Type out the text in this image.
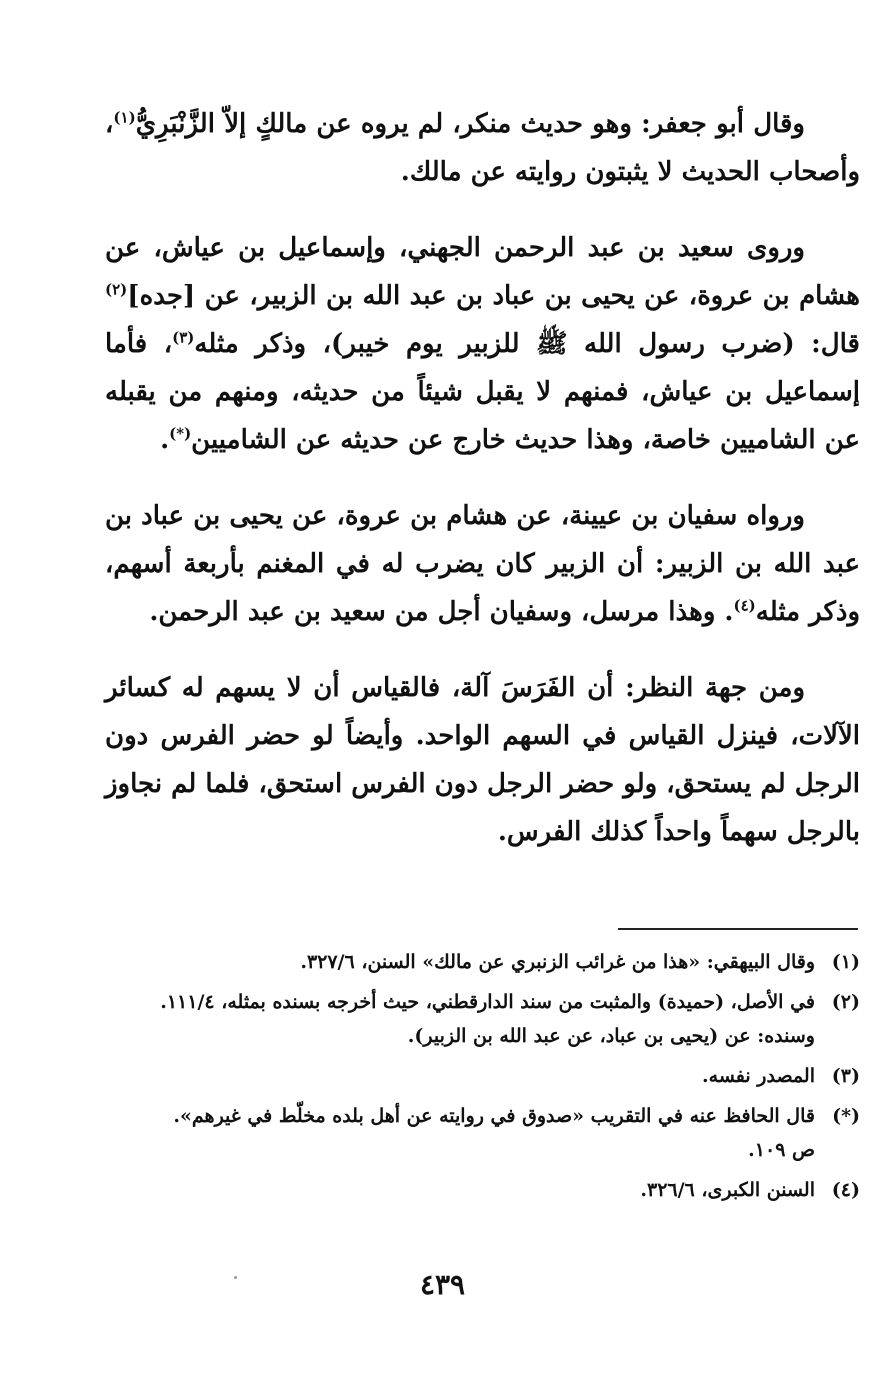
وقال أبو جعفر: وهو حديث منكر، لم يروه عن مالكٍ إلاّ الزَّنْبَرِيُّ$^{(١)}$، وأصحاب الحديث لا يثبتون روايته عن مالك.

وروى سعيد بن عبد الرحمن الجهني، وإسماعيل بن عياش، عن هشام بن عروة، عن يحيى بن عباد بن عبد الله بن الزبير، عن [جده]$^{(٢)}$ قال: (ضرب رسول الله ﷺ للزبير يوم خيبر)، وذكر مثله$^{(٣)}$، فأما إسماعيل بن عياش، فمنهم لا يقبل شيئاً من حديثه، ومنهم من يقبله عن الشاميين خاصة، وهذا حديث خارج عن حديثه عن الشاميين(*).

ورواه سفيان بن عيينة، عن هشام بن عروة، عن يحيى بن عباد بن عبد الله بن الزبير: أن الزبير كان يضرب له في المغنم بأربعة أسهم، وذكر مثله$^{(٤)}$. وهذا مرسل، وسفيان أجل من سعيد بن عبد الرحمن.

ومن جهة النظر: أن الفَرَسَ آلة، فالقياس أن لا يسهم له كسائر الآلات، فينزل القياس في السهم الواحد. وأيضاً لو حضر الفرس دون الرجل لم يستحق، ولو حضر الرجل دون الفرس استحق، فلما لم نجاوز بالرجل سهماً واحداً كذلك الفرس.

(١)
وقال البيهقي: «هذا من غرائب الزنبري عن مالك» السنن، ٣٢٧/٦.
(٢)
في الأصل، (حميدة) والمثبت من سند الدارقطني، حيث أخرجه بسنده بمثله، ١١١/٤.
وسنده: عن (يحيى بن عباد، عن عبد الله بن الزبير).
(٣)
المصدر نفسه.
(*)
قال الحافظ عنه في التقريب «صدوق في روايته عن أهل بلده مخلّط في غيرهم».
ص ١٠٩.
(٤)
السنن الكبرى، ٣٢٦/٦.
٤٣٩
